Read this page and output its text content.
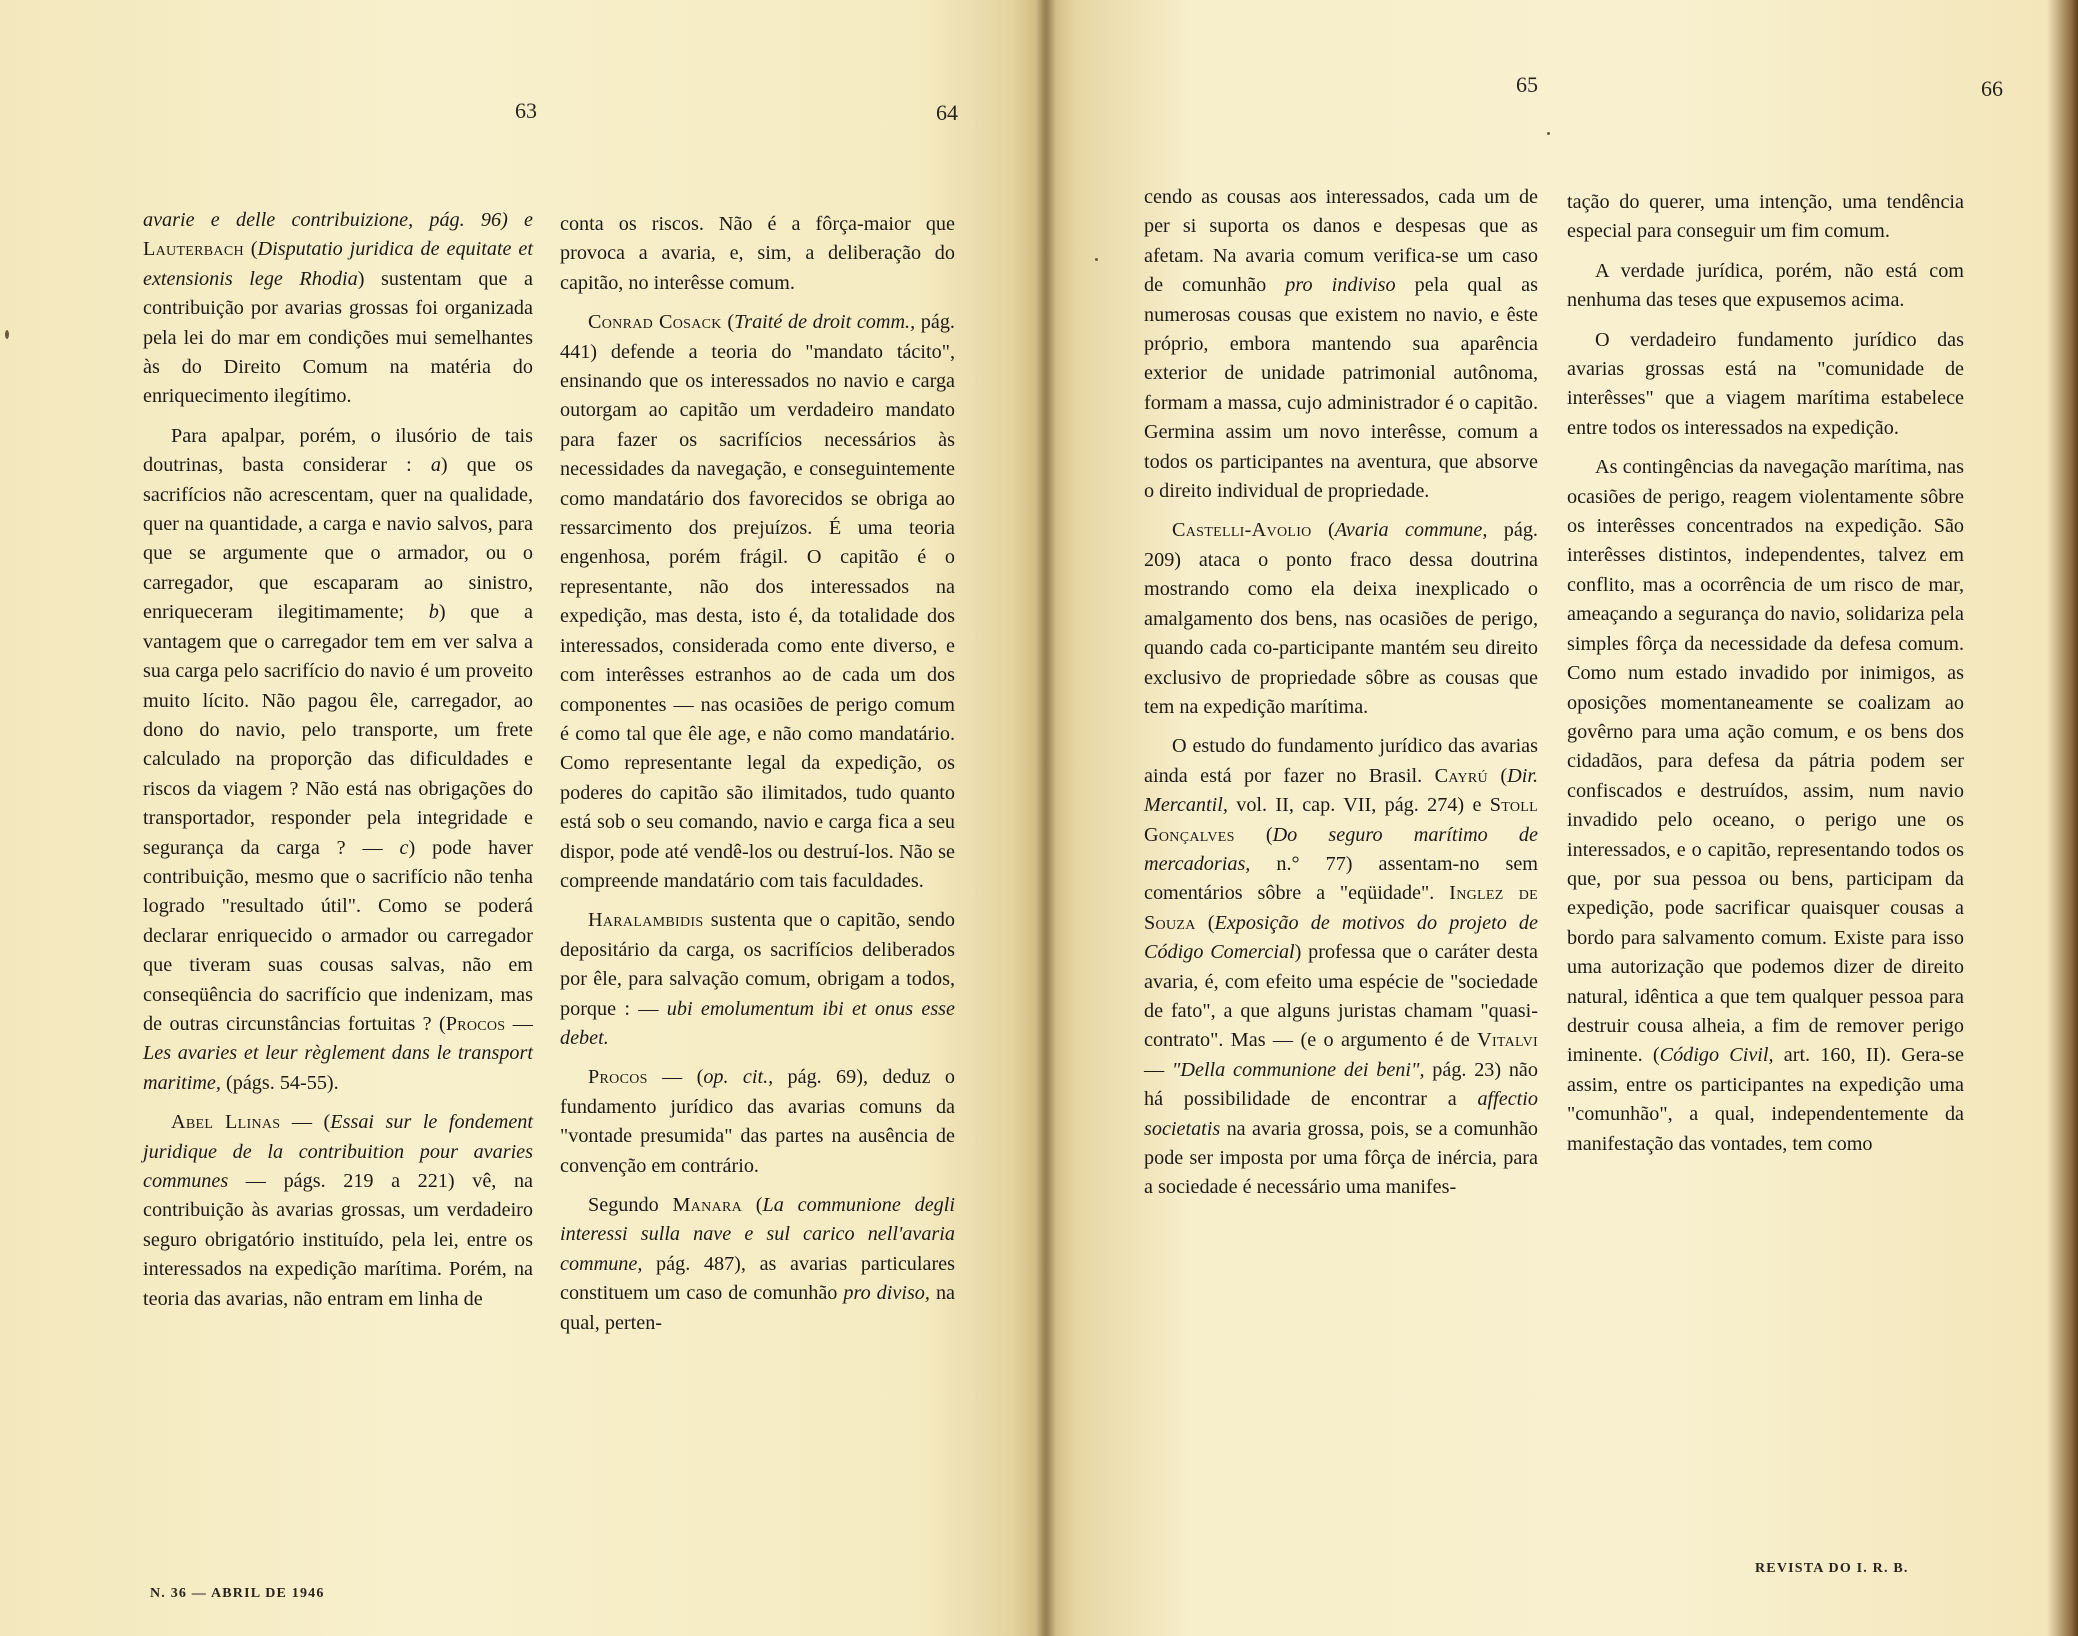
63	64

avarie e delle contribuizione, pág. 96) e Lauterbach (Disputatio juridica de equitate et extensionis lege Rhodia) sustentam que a contribuição por avarias grossas foi organizada pela lei do mar em condições mui semelhantes às do Direito Comum na matéria do enriquecimento ilegítimo.

Para apalpar, porém, o ilusório de tais doutrinas, basta considerar : a) que os sacrifícios não acrescentam, quer na qualidade, quer na quantidade, a carga e navio salvos, para que se argumente que o armador, ou o carregador, que escaparam ao sinistro, enriqueceram ilegitimamente; b) que a vantagem que o carregador tem em ver salva a sua carga pelo sacrifício do navio é um proveito muito lícito. Não pagou êle, carregador, ao dono do navio, pelo transporte, um frete calculado na proporção das dificuldades e riscos da viagem ? Não está nas obrigações do transportador, responder pela integridade e segurança da carga ? — c) pode haver contribuição, mesmo que o sacrifício não tenha logrado "resultado útil". Como se poderá declarar enriquecido o armador ou carregador que tiveram suas cousas salvas, não em conseqüência do sacrifício que indenizam, mas de outras circunstâncias fortuitas ? (Procos — Les avaries et leur règlement dans le transport maritime, (págs. 54-55).

Abel Llinas — (Essai sur le fondement juridique de la contribuition pour avaries communes — págs. 219 a 221) vê, na contribuição às avarias grossas, um verdadeiro seguro obrigatório instituído, pela lei, entre os interessados na expedição marítima. Porém, na teoria das avarias, não entram em linha de

conta os riscos. Não é a fôrça-maior que provoca a avaria, e, sim, a deliberação do capitão, no interêsse comum.

Conrad Cosack (Traité de droit comm., pág. 441) defende a teoria do "mandato tácito", ensinando que os interessados no navio e carga outorgam ao capitão um verdadeiro mandato para fazer os sacrifícios necessários às necessidades da navegação, e conseguintemente como mandatário dos favorecidos se obriga ao ressarcimento dos prejuízos. É uma teoria engenhosa, porém frágil. O capitão é o representante, não dos interessados na expedição, mas desta, isto é, da totalidade dos interessados, considerada como ente diverso, e com interêsses estranhos ao de cada um dos componentes — nas ocasiões de perigo comum é como tal que êle age, e não como mandatário. Como representante legal da expedição, os poderes do capitão são ilimitados, tudo quanto está sob o seu comando, navio e carga fica a seu dispor, pode até vendê-los ou destruí-los. Não se compreende mandatário com tais faculdades.

Haralambidis sustenta que o capitão, sendo depositário da carga, os sacrifícios deliberados por êle, para salvação comum, obrigam a todos, porque : — ubi emolumentum ibi et onus esse debet.

Procos — (op. cit., pág. 69), deduz o fundamento jurídico das avarias comuns da "vontade presumida" das partes na ausência de convenção em contrário.

Segundo Manara (La communione degli interessi sulla nave e sul carico nell'avaria commune, pág. 487), as avarias particulares constituem um caso de comunhão pro diviso, na qual, perten-

N. 36 — ABRIL DE 1946
65	66

cendo as cousas aos interessados, cada um de per si suporta os danos e despesas que as afetam. Na avaria comum verifica-se um caso de comunhão pro indiviso pela qual as numerosas cousas que existem no navio, e êste próprio, embora mantendo sua aparência exterior de unidade patrimonial autônoma, formam a massa, cujo administrador é o capitão. Germina assim um novo interêsse, comum a todos os participantes na aventura, que absorve o direito individual de propriedade.

Castelli-Avolio (Avaria commune, pág. 209) ataca o ponto fraco dessa doutrina mostrando como ela deixa inexplicado o amalgamento dos bens, nas ocasiões de perigo, quando cada co-participante mantém seu direito exclusivo de propriedade sôbre as cousas que tem na expedição marítima.

O estudo do fundamento jurídico das avarias ainda está por fazer no Brasil. Cayrú (Dir. Mercantil, vol. II, cap. VII, pág. 274) e Stoll Gonçalves (Do seguro marítimo de mercadorias, n.° 77) assentam-no sem comentários sôbre a "eqüidade". Inglez de Souza (Exposição de motivos do projeto de Código Comercial) professa que o caráter desta avaria, é, com efeito uma espécie de "sociedade de fato", a que alguns juristas chamam "quasi-contrato". Mas — (e o argumento é de Vitalvi — "Della communione dei beni", pág. 23) não há possibilidade de encontrar a affectio societatis na avaria grossa, pois, se a comunhão pode ser imposta por uma fôrça de inércia, para a sociedade é necessário uma manifes-

tação do querer, uma intenção, uma tendência especial para conseguir um fim comum.

A verdade jurídica, porém, não está com nenhuma das teses que expusemos acima.

O verdadeiro fundamento jurídico das avarias grossas está na "comunidade de interêsses" que a viagem marítima estabelece entre todos os interessados na expedição.

As contingências da navegação marítima, nas ocasiões de perigo, reagem violentamente sôbre os interêsses concentrados na expedição. São interêsses distintos, independentes, talvez em conflito, mas a ocorrência de um risco de mar, ameaçando a segurança do navio, solidariza pela simples fôrça da necessidade da defesa comum. Como num estado invadido por inimigos, as oposições momentaneamente se coalizam ao govêrno para uma ação comum, e os bens dos cidadãos, para defesa da pátria podem ser confiscados e destruídos, assim, num navio invadido pelo oceano, o perigo une os interessados, e o capitão, representando todos os que, por sua pessoa ou bens, participam da expedição, pode sacrificar quaisquer cousas a bordo para salvamento comum. Existe para isso uma autorização que podemos dizer de direito natural, idêntica a que tem qualquer pessoa para destruir cousa alheia, a fim de remover perigo iminente. (Código Civil, art. 160, II). Gera-se assim, entre os participantes na expedição uma "comunhão", a qual, independentemente da manifestação das vontades, tem como

REVISTA DO I. R. B.
